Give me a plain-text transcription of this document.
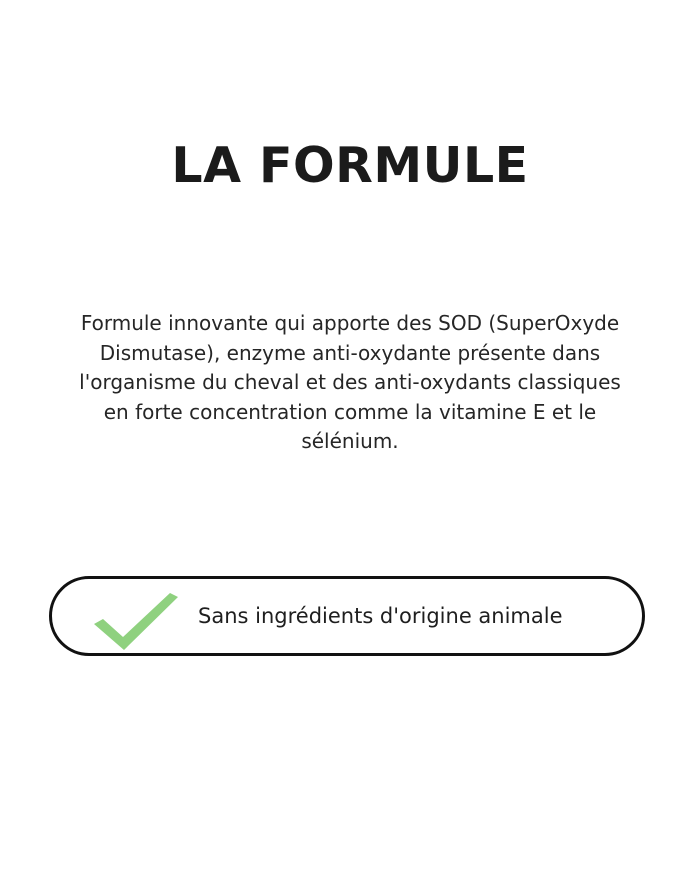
LA FORMULE

Formule innovante qui apporte des SOD (SuperOxyde Dismutase), enzyme anti-oxydante présente dans l'organisme du cheval et des anti-oxydants classiques en forte concentration comme la vitamine E et le sélénium.

Sans ingrédients d'origine animale
